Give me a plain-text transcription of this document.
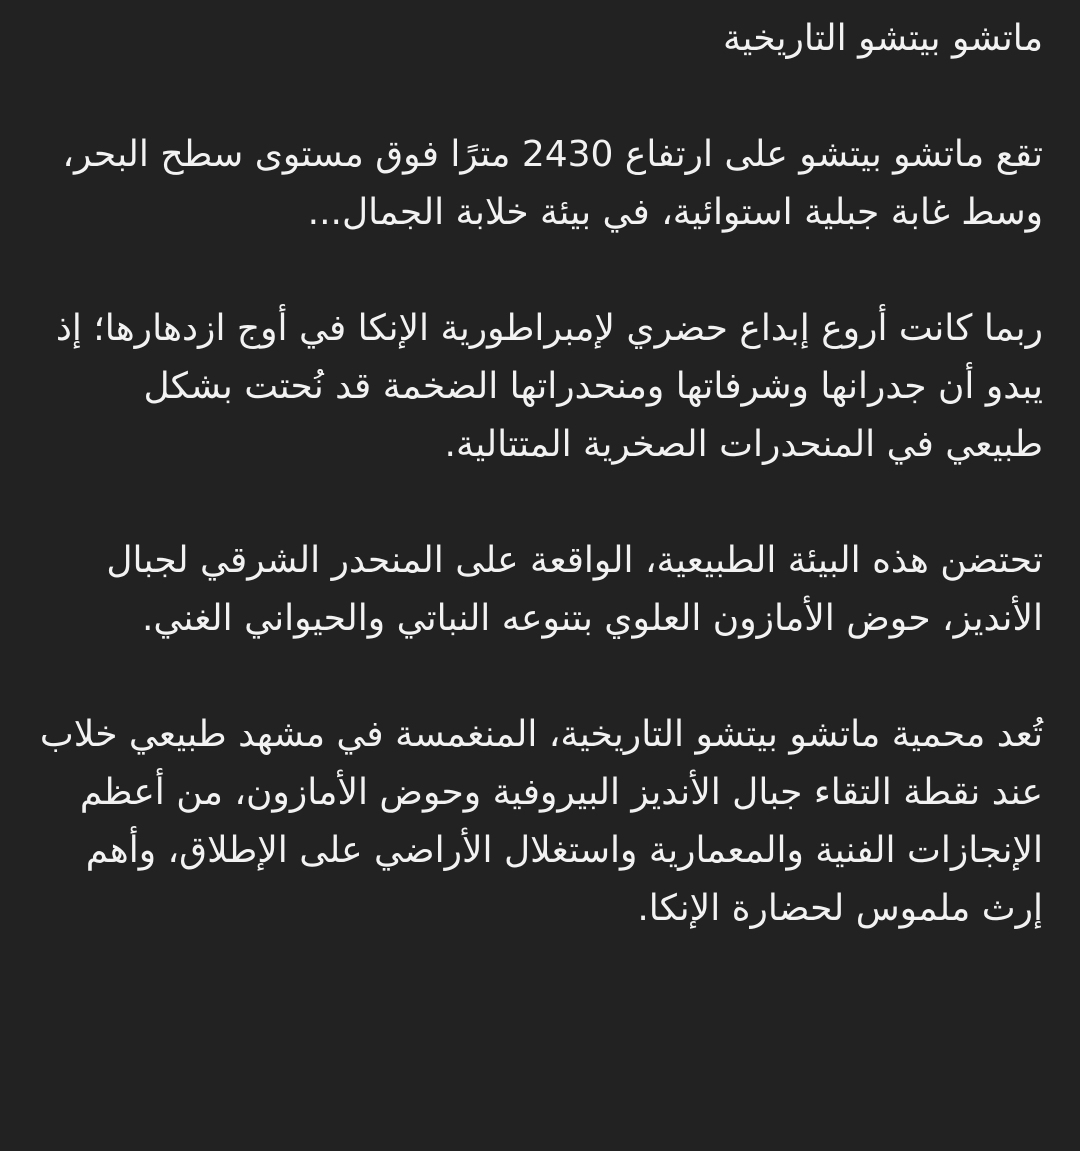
ماتشو بيتشو التاريخية

تقع ماتشو بيتشو على ارتفاع 2430 مترًا فوق مستوى سطح البحر، وسط غابة جبلية استوائية، في بيئة خلابة الجمال...

ربما كانت أروع إبداع حضري لإمبراطورية الإنكا في أوج ازدهارها؛ إذ يبدو أن جدرانها وشرفاتها ومنحدراتها الضخمة قد نُحتت بشكل طبيعي في المنحدرات الصخرية المتتالية.

تحتضن هذه البيئة الطبيعية، الواقعة على المنحدر الشرقي لجبال الأنديز، حوض الأمازون العلوي بتنوعه النباتي والحيواني الغني.

تُعد محمية ماتشو بيتشو التاريخية، المنغمسة في مشهد طبيعي خلاب عند نقطة التقاء جبال الأنديز البيروفية وحوض الأمازون، من أعظم الإنجازات الفنية والمعمارية واستغلال الأراضي على الإطلاق، وأهم إرث ملموس لحضارة الإنكا.
